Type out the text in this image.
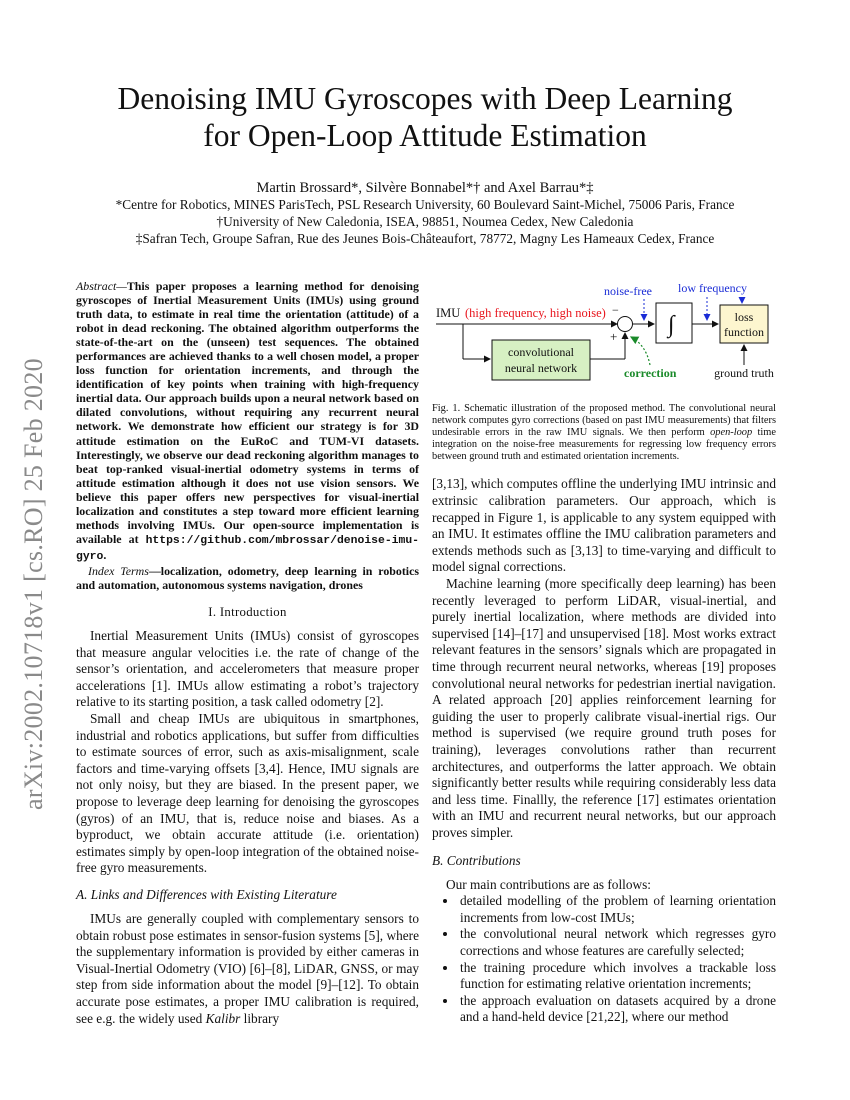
arXiv:2002.10718v1 [cs.RO] 25 Feb 2020
Denoising IMU Gyroscopes with Deep Learning
for Open-Loop Attitude Estimation
Martin Brossard*, Silvère Bonnabel*† and Axel Barrau*‡
*Centre for Robotics, MINES ParisTech, PSL Research University, 60 Boulevard Saint-Michel, 75006 Paris, France
†University of New Caledonia, ISEA, 98851, Noumea Cedex, New Caledonia
‡Safran Tech, Groupe Safran, Rue des Jeunes Bois-Châteaufort, 78772, Magny Les Hameaux Cedex, France

Abstract—This paper proposes a learning method for denoising gyroscopes of Inertial Measurement Units (IMUs) using ground truth data, to estimate in real time the orientation (attitude) of a robot in dead reckoning. The obtained algorithm outperforms the state-of-the-art on the (unseen) test sequences. The obtained performances are achieved thanks to a well chosen model, a proper loss function for orientation increments, and through the identification of key points when training with high-frequency inertial data. Our approach builds upon a neural network based on dilated convolutions, without requiring any recurrent neural network. We demonstrate how efficient our strategy is for 3D attitude estimation on the EuRoC and TUM-VI datasets. Interestingly, we observe our dead reckoning algorithm manages to beat top-ranked visual-inertial odometry systems in terms of attitude estimation although it does not use vision sensors. We believe this paper offers new perspectives for visual-inertial localization and constitutes a step toward more efficient learning methods involving IMUs. Our open-source implementation is available at https://github.com/mbrossar/denoise-imu-gyro.

Index Terms—localization, odometry, deep learning in robotics and automation, autonomous systems navigation, drones

I. Introduction

Inertial Measurement Units (IMUs) consist of gyroscopes that measure angular velocities i.e. the rate of change of the sensor’s orientation, and accelerometers that measure proper accelerations [1]. IMUs allow estimating a robot’s trajectory relative to its starting position, a task called odometry [2].

Small and cheap IMUs are ubiquitous in smartphones, industrial and robotics applications, but suffer from difficulties to estimate sources of error, such as axis-misalignment, scale factors and time-varying offsets [3,4]. Hence, IMU signals are not only noisy, but they are biased. In the present paper, we propose to leverage deep learning for denoising the gyroscopes (gyros) of an IMU, that is, reduce noise and biases. As a byproduct, we obtain accurate attitude (i.e. orientation) estimates simply by open-loop integration of the obtained noise-free gyro measurements.

A. Links and Differences with Existing Literature

IMUs are generally coupled with complementary sensors to obtain robust pose estimates in sensor-fusion systems [5], where the supplementary information is provided by either cameras in Visual-Inertial Odometry (VIO) [6]–[8], LiDAR, GNSS, or may step from side information about the model [9]–[12]. To obtain accurate pose estimates, a proper IMU calibration is required, see e.g. the widely used Kalibr library

noise-free low frequency
IMU (high frequency, high noise) −
+ ∫	loss
function
ground truth
convolutional
neural network	correction

Fig. 1. Schematic illustration of the proposed method. The convolutional neural network computes gyro corrections (based on past IMU measurements) that filters undesirable errors in the raw IMU signals. We then perform open-loop time integration on the noise-free measurements for regressing low frequency errors between ground truth and estimated orientation increments.

[3,13], which computes offline the underlying IMU intrinsic and extrinsic calibration parameters. Our approach, which is recapped in Figure 1, is applicable to any system equipped with an IMU. It estimates offline the IMU calibration parameters and extends methods such as [3,13] to time-varying and difficult to model signal corrections.

Machine learning (more specifically deep learning) has been recently leveraged to perform LiDAR, visual-inertial, and purely inertial localization, where methods are divided into supervised [14]–[17] and unsupervised [18]. Most works extract relevant features in the sensors’ signals which are propagated in time through recurrent neural networks, whereas [19] proposes convolutional neural networks for pedestrian inertial navigation. A related approach [20] applies reinforcement learning for guiding the user to properly calibrate visual-inertial rigs. Our method is supervised (we require ground truth poses for training), leverages convolutions rather than recurrent architectures, and outperforms the latter approach. We obtain significantly better results while requiring considerably less data and less time. Finallly, the reference [17] estimates orientation with an IMU and recurrent neural networks, but our approach proves simpler.

B. Contributions

Our main contributions are as follows:

• detailed modelling of the problem of learning orientation increments from low-cost IMUs;
• the convolutional neural network which regresses gyro corrections and whose features are carefully selected;
• the training procedure which involves a trackable loss function for estimating relative orientation increments;
• the approach evaluation on datasets acquired by a drone and a hand-held device [21,22], where our method
